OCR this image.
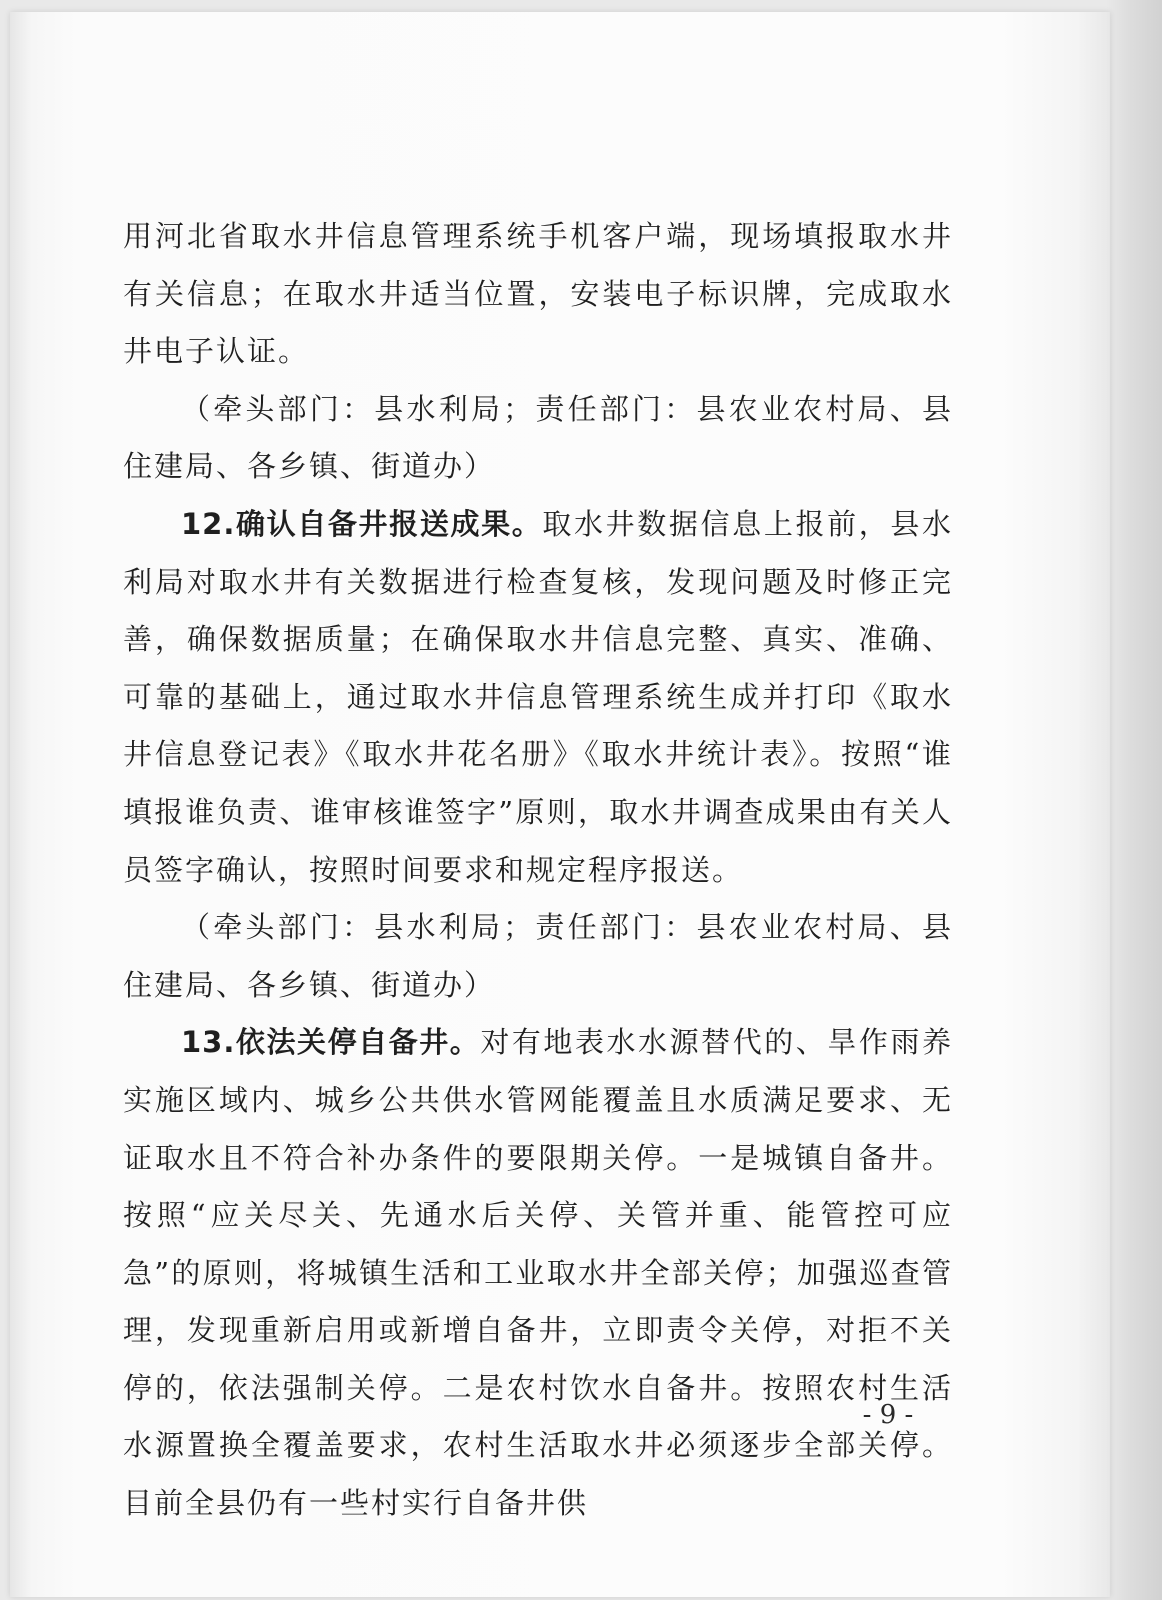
用河北省取水井信息管理系统手机客户端，现场填报取水井有关信息；在取水井适当位置，安装电子标识牌，完成取水井电子认证。

（牵头部门：县水利局；责任部门：县农业农村局、县住建局、各乡镇、街道办）

12.确认自备井报送成果。取水井数据信息上报前，县水利局对取水井有关数据进行检查复核，发现问题及时修正完善，确保数据质量；在确保取水井信息完整、真实、准确、可靠的基础上，通过取水井信息管理系统生成并打印《取水井信息登记表》《取水井花名册》《取水井统计表》。按照“谁填报谁负责、谁审核谁签字”原则，取水井调查成果由有关人员签字确认，按照时间要求和规定程序报送。

（牵头部门：县水利局；责任部门：县农业农村局、县住建局、各乡镇、街道办）

13.依法关停自备井。对有地表水水源替代的、旱作雨养实施区域内、城乡公共供水管网能覆盖且水质满足要求、无证取水且不符合补办条件的要限期关停。一是城镇自备井。按照“应关尽关、先通水后关停、关管并重、能管控可应急”的原则，将城镇生活和工业取水井全部关停；加强巡查管理，发现重新启用或新增自备井，立即责令关停，对拒不关停的，依法强制关停。二是农村饮水自备井。按照农村生活水源置换全覆盖要求，农村生活取水井必须逐步全部关停。目前全县仍有一些村实行自备井供

- 9 -
